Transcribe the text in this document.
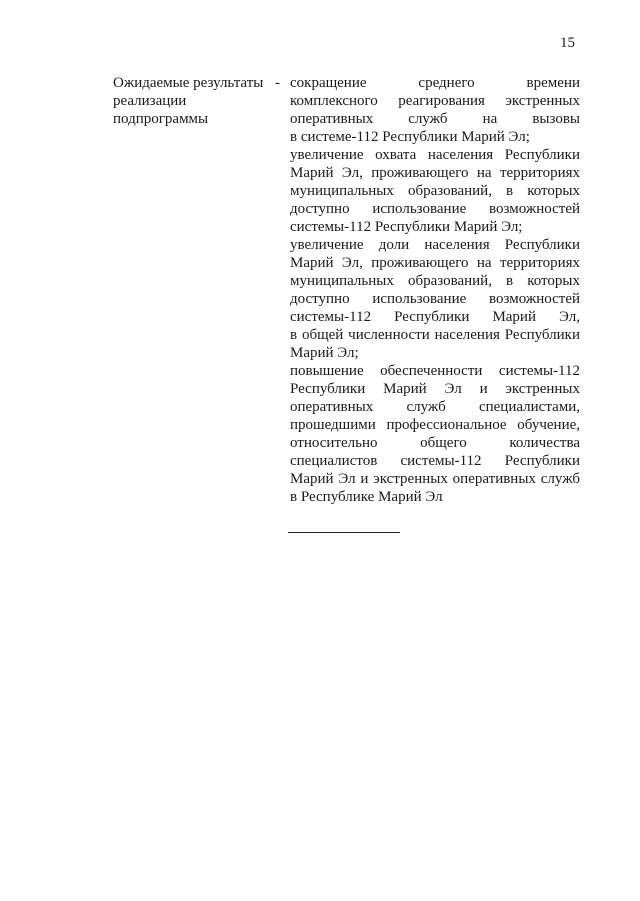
15
Ожидаемые результаты
реализации
подпрограммы
- сокращение среднего времени
комплексного реагирования экстренных
оперативных служб на вызовы
в системе-112 Республики Марий Эл;
увеличение охвата населения Республики
Марий Эл, проживающего на территориях
муниципальных образований, в которых
доступно использование возможностей
системы-112 Республики Марий Эл;
увеличение доли населения Республики
Марий Эл, проживающего на территориях
муниципальных образований, в которых
доступно использование возможностей
системы-112 Республики Марий Эл,
в общей численности населения Республики
Марий Эл;
повышение обеспеченности системы-112
Республики Марий Эл и экстренных
оперативных служб специалистами,
прошедшими профессиональное обучение,
относительно общего количества
специалистов системы-112 Республики
Марий Эл и экстренных оперативных служб
в Республике Марий Эл
